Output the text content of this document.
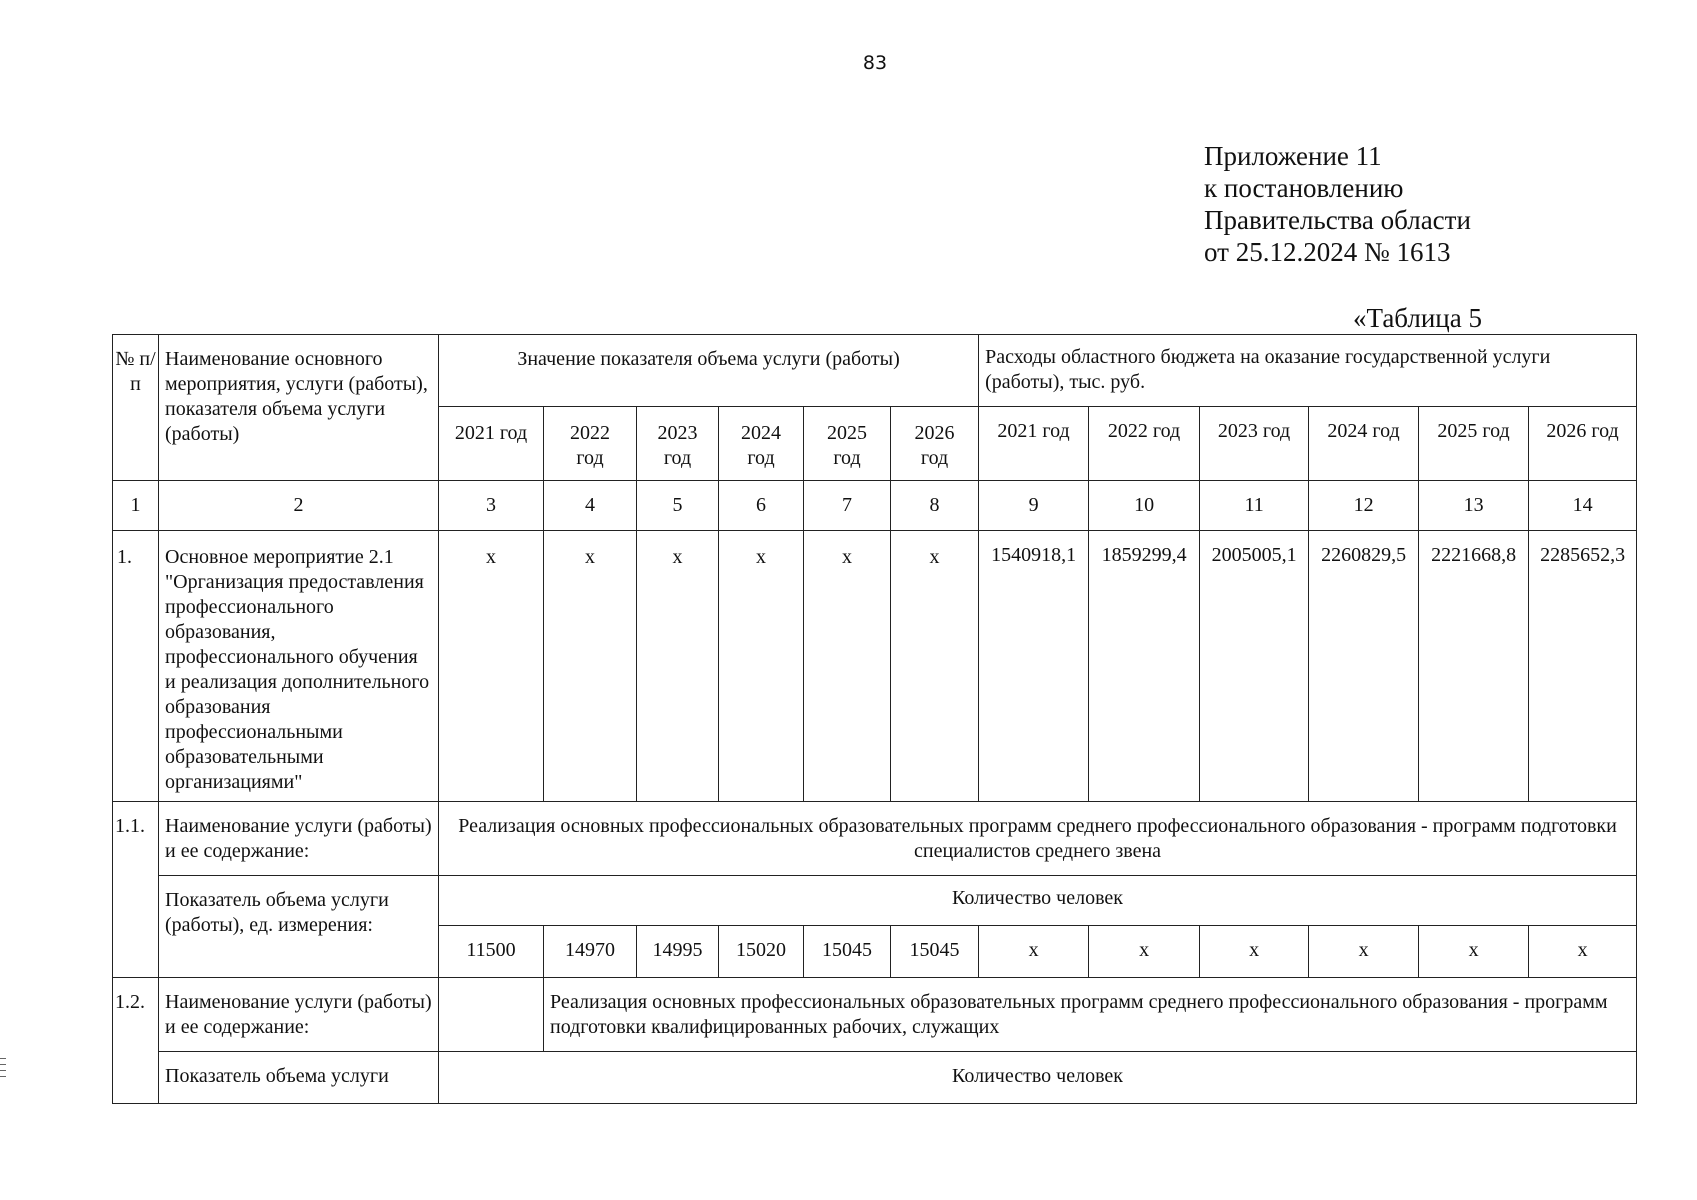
83
Приложение 11
к постановлению
Правительства области
от 25.12.2024 № 1613
«Таблица 5
№ п/п	Наименование основного мероприятия, услуги (работы), показателя объема услуги (работы)	Значение показателя объема услуги (работы)						Расходы областного бюджета на оказание государственной услуги (работы), тыс. руб.					
		2021 год	2022 год	2023 год	2024 год	2025 год	2026 год	2021 год	2022 год	2023 год	2024 год	2025 год	2026 год
1	2	3	4	5	6	7	8	9	10	11	12	13	14
1.	Основное мероприятие 2.1 "Организация предоставления профессионального образования, профессионального обучения и реализация дополнительного образования профессиональными образовательными организациями"	х	х	х	х	х	х	1540918,1	1859299,4	2005005,1	2260829,5	2221668,8	2285652,3
1.1.	Наименование услуги (работы) и ее содержание:	Реализация основных профессиональных образовательных программ среднего профессионального образования - программ подготовки специалистов среднего звена											
	Показатель объема услуги (работы), ед. измерения:	Количество человек											
		11500	14970	14995	15020	15045	15045	х	х	х	х	х	х
1.2.	Наименование услуги (работы) и ее содержание:		Реализация основных профессиональных образовательных программ среднего профессионального образования - программ подготовки квалифицированных рабочих, служащих										
	Показатель объема услуги	Количество человек											
